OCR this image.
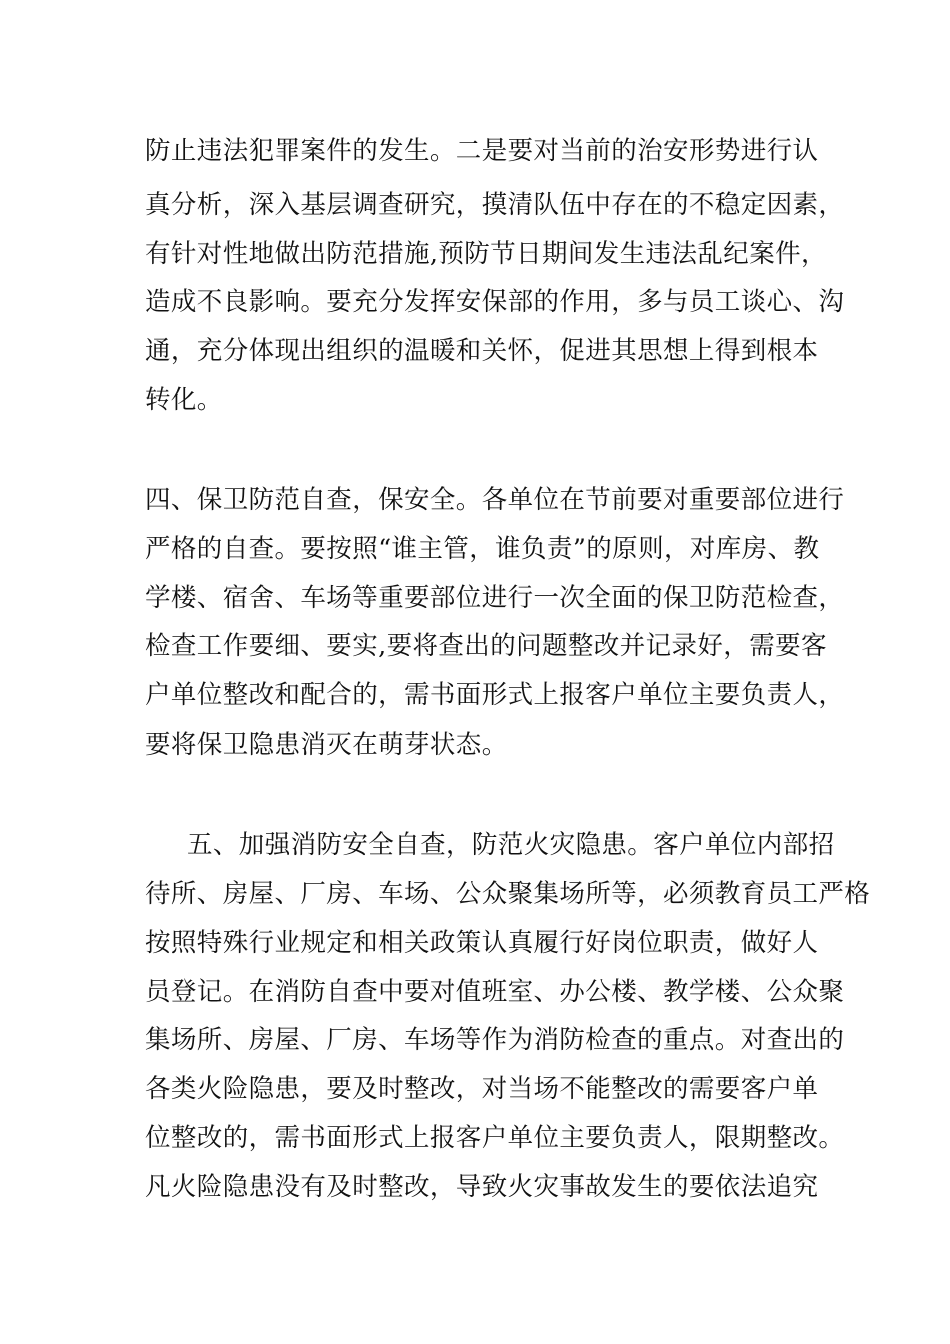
防止违法犯罪案件的发生。二是要对当前的治安形势进行认
真分析，深入基层调查研究，摸清队伍中存在的不稳定因素，
有针对性地做出防范措施,预防节日期间发生违法乱纪案件，
造成不良影响。要充分发挥安保部的作用，多与员工谈心、沟
通，充分体现出组织的温暖和关怀，促进其思想上得到根本
转化。
四、保卫防范自查，保安全。各单位在节前要对重要部位进行
严格的自查。要按照“谁主管，谁负责”的原则，对库房、教
学楼、宿舍、车场等重要部位进行一次全面的保卫防范检查，
检查工作要细、要实,要将查出的问题整改并记录好，需要客
户单位整改和配合的，需书面形式上报客户单位主要负责人，
要将保卫隐患消灭在萌芽状态。
五、加强消防安全自查，防范火灾隐患。客户单位内部招
待所、房屋、厂房、车场、公众聚集场所等，必须教育员工严格
按照特殊行业规定和相关政策认真履行好岗位职责，做好人
员登记。在消防自查中要对值班室、办公楼、教学楼、公众聚
集场所、房屋、厂房、车场等作为消防检查的重点。对查出的
各类火险隐患，要及时整改，对当场不能整改的需要客户单
位整改的，需书面形式上报客户单位主要负责人，限期整改。
凡火险隐患没有及时整改，导致火灾事故发生的要依法追究
